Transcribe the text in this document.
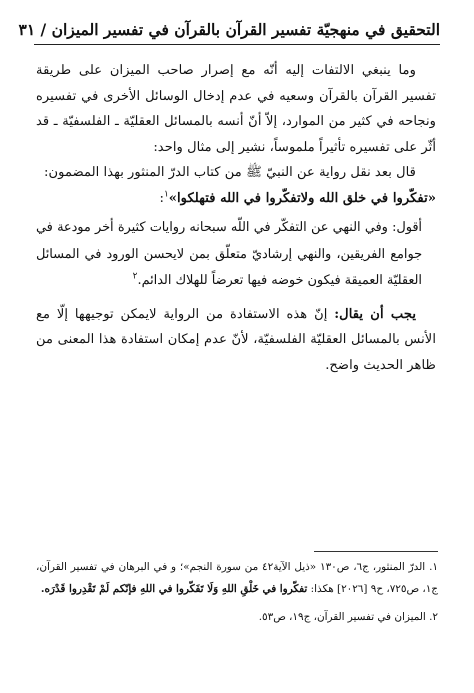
التحقيق في منهجيّة تفسير القرآن بالقرآن في تفسير الميزان / ٣١

وما ينبغي الالتفات إليه أنّه مع إصرار صاحب الميزان على طريقة تفسير القرآن بالقرآن وسعيه في عدم إدخال الوسائل الأخرى في تفسيره ونجاحه في كثير من الموارد، إلاّ أنّ أنسه بالمسائل العقليّة ـ الفلسفيّة ـ قد أثّر على تفسيره تأثيراً ملموساً، نشير إلى مثال واحد:

قال بعد نقل رواية عن النبيّ ﷺ من كتاب الدرّ المنثور بهذا المضمون:

«تفكّروا في خلق الله ولاتفكّروا في الله فتهلكوا»$^١$:

أقول: وفي النهي عن التفكّر في اللّه سبحانه روايات كثيرة أخر مودعة في جوامع الفريقين، والنهي إرشاديّ متعلّق بمن لايحسن الورود في المسائل العقليّة العميقة فيكون خوضه فيها تعرضاً للهلاك الدائم.$^٢$

يجب أن يقال: إنّ هذه الاستفادة من الرواية لايمكن توجيهها إلّا مع الأنس بالمسائل العقليّة الفلسفيّة، لأنّ عدم إمكان استفادة هذا المعنى من ظاهر الحديث واضح.

١. الدرّ المنثور، ج٦، ص١٣٠ «ذيل الآية٤٢ من سورة النجم»؛ و في البرهان في تفسير القرآن، ج١، ص٧٢٥، ح٩ [٢٠٢٦] هكذا: تفكّروا في خَلْقِ اللهِ وَلَا تَفَكّروا في اللهِ فإنّكم لَمْ تَقْدِروا قَدْرَه.

٢. الميزان في تفسير القرآن، ج١٩، ص٥٣.
